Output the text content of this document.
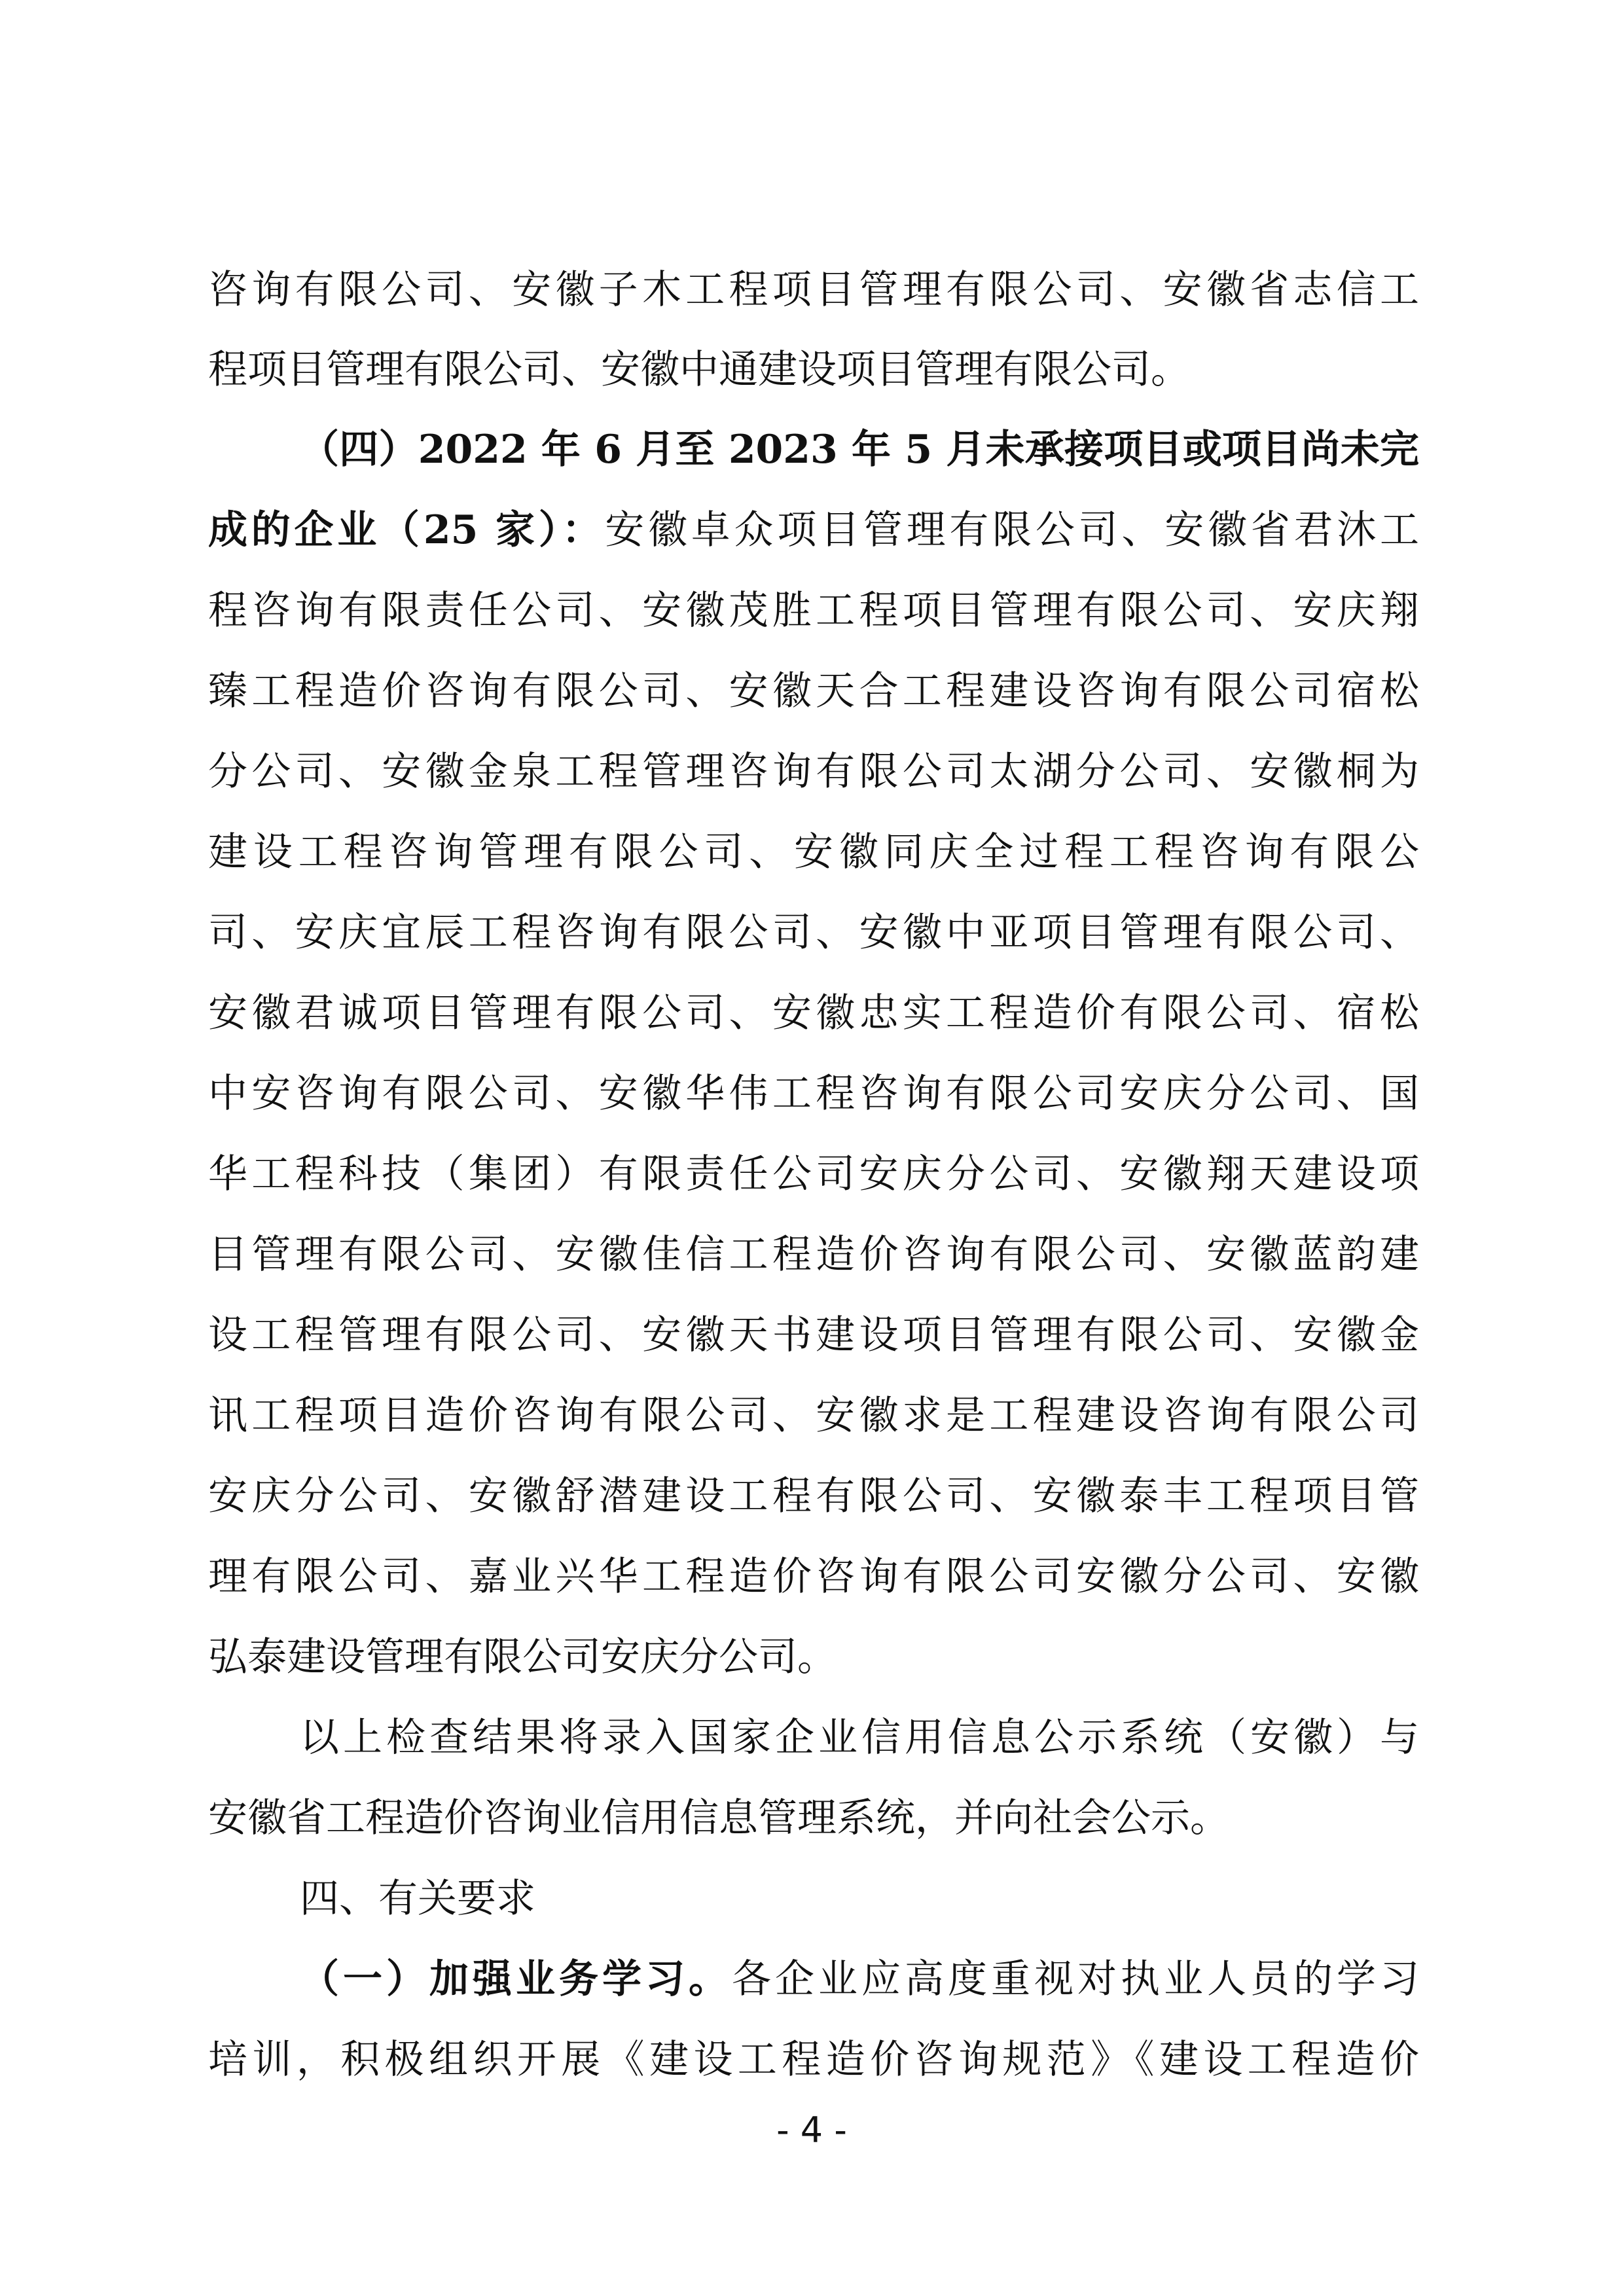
咨询有限公司、安徽子木工程项目管理有限公司、安徽省志信工
程项目管理有限公司、安徽中通建设项目管理有限公司。
（四）2022 年 6 月至 2023 年 5 月未承接项目或项目尚未完
成的企业（25 家）：安徽卓众项目管理有限公司、安徽省君沐工
程咨询有限责任公司、安徽茂胜工程项目管理有限公司、安庆翔
臻工程造价咨询有限公司、安徽天合工程建设咨询有限公司宿松
分公司、安徽金泉工程管理咨询有限公司太湖分公司、安徽桐为
建设工程咨询管理有限公司、安徽同庆全过程工程咨询有限公
司、安庆宜辰工程咨询有限公司、安徽中亚项目管理有限公司、
安徽君诚项目管理有限公司、安徽忠实工程造价有限公司、宿松
中安咨询有限公司、安徽华伟工程咨询有限公司安庆分公司、国
华工程科技（集团）有限责任公司安庆分公司、安徽翔天建设项
目管理有限公司、安徽佳信工程造价咨询有限公司、安徽蓝韵建
设工程管理有限公司、安徽天书建设项目管理有限公司、安徽金
讯工程项目造价咨询有限公司、安徽求是工程建设咨询有限公司
安庆分公司、安徽舒潜建设工程有限公司、安徽泰丰工程项目管
理有限公司、嘉业兴华工程造价咨询有限公司安徽分公司、安徽
弘泰建设管理有限公司安庆分公司。
以上检查结果将录入国家企业信用信息公示系统（安徽）与
安徽省工程造价咨询业信用信息管理系统，并向社会公示。
四、有关要求
（一）加强业务学习。各企业应高度重视对执业人员的学习
培训，积极组织开展《建设工程造价咨询规范》《建设工程造价
- 4 -
